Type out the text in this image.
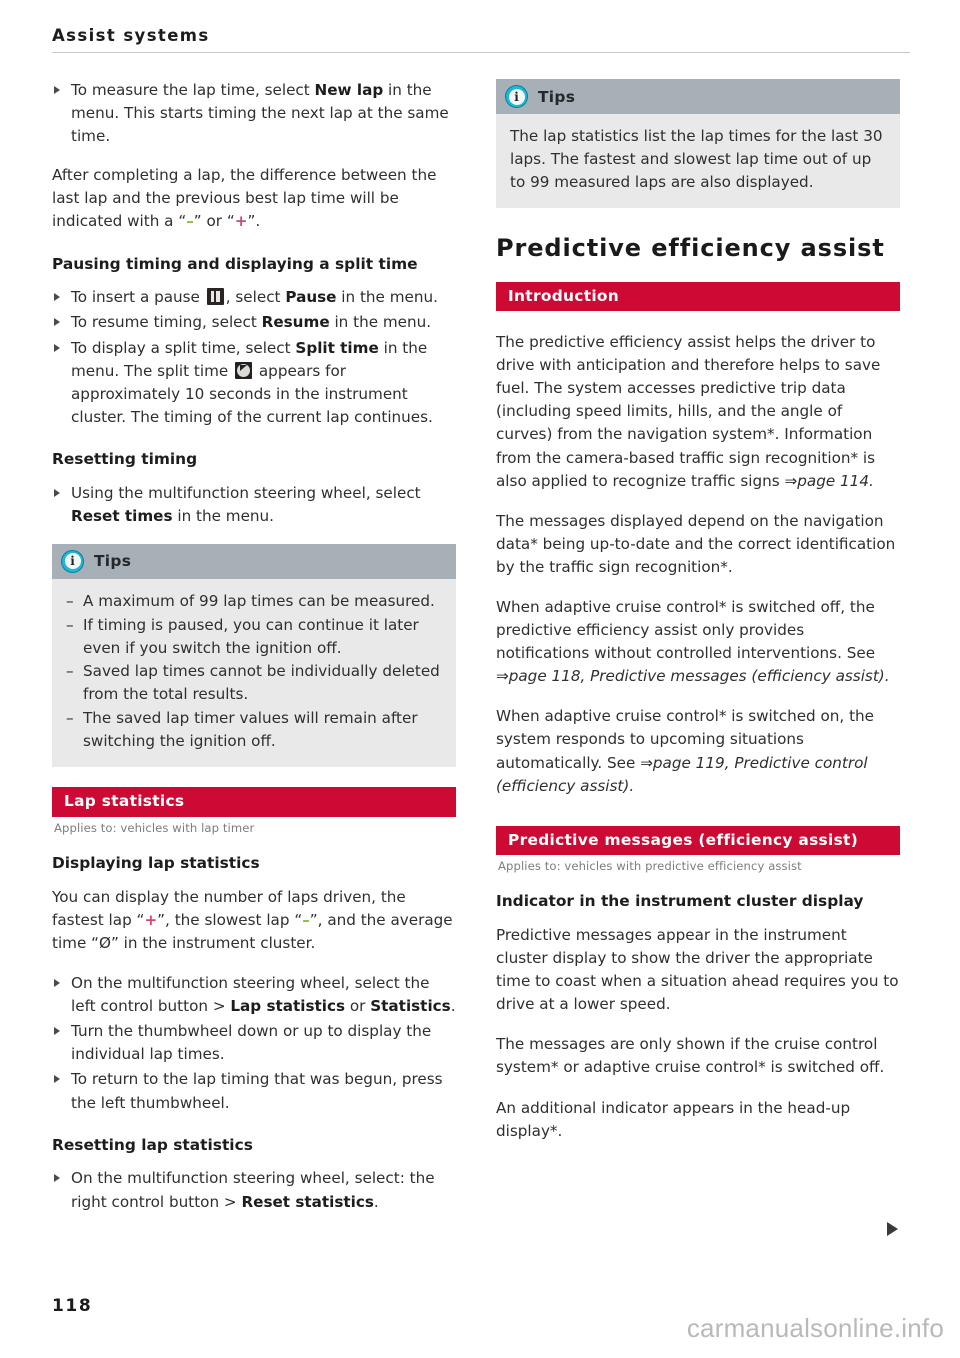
Assist systems
To measure the lap time, select New lap in the menu. This starts timing the next lap at the same time.

After completing a lap, the difference between the last lap and the previous best lap time will be indicated with a “–” or “+”.

Pausing timing and displaying a split time
To insert a pause , select Pause in the menu.
To resume timing, select Resume in the menu.
To display a split time, select Split time in the menu. The split time
appears for approximately 10 seconds in the instrument cluster. The timing of the current lap continues.
Resetting timing
Using the multifunction steering wheel, select Reset times in the menu.
i	Tips
– A maximum of 99 lap times can be measured.
– If timing is paused, you can continue it later even if you switch the ignition off.
– Saved lap times cannot be individually deleted from the total results.
– The saved lap timer values will remain after switching the ignition off.
Lap statistics
Applies to: vehicles with lap timer
Displaying lap statistics

You can display the number of laps driven, the fastest lap “+”, the slowest lap “–”, and the average time “Ø” in the instrument cluster.

On the multifunction steering wheel, select the left control button > Lap statistics or Statistics.
Turn the thumbwheel down or up to display the individual lap times.
To return to the lap timing that was begun, press the left thumbwheel.
Resetting lap statistics
On the multifunction steering wheel, select: the right control button > Reset statistics.
i	Tips

The lap statistics list the lap times for the last 30 laps. The fastest and slowest lap time out of up to 99 measured laps are also displayed.

Predictive efficiency assist
Introduction

The predictive efficiency assist helps the driver to drive with anticipation and therefore helps to save fuel. The system accesses predictive trip data (including speed limits, hills, and the angle of curves) from the navigation system*. Information from the camera-based traffic sign recognition* is also applied to recognize traffic signs ⇒page 114.

The messages displayed depend on the navigation data* being up-to-date and the correct identification by the traffic sign recognition*.

When adaptive cruise control* is switched off, the predictive efficiency assist only provides notifications without controlled interventions. See ⇒page 118, Predictive messages (efficiency assist).

When adaptive cruise control* is switched on, the system responds to upcoming situations automatically. See ⇒page 119, Predictive control (efficiency assist).

Predictive messages (efficiency assist)
Applies to: vehicles with predictive efficiency assist
Indicator in the instrument cluster display

Predictive messages appear in the instrument cluster display to show the driver the appropriate time to coast when a situation ahead requires you to drive at a lower speed.

The messages are only shown if the cruise control system* or adaptive cruise control* is switched off.

An additional indicator appears in the head-up display*.

118
carmanualsonline.info
